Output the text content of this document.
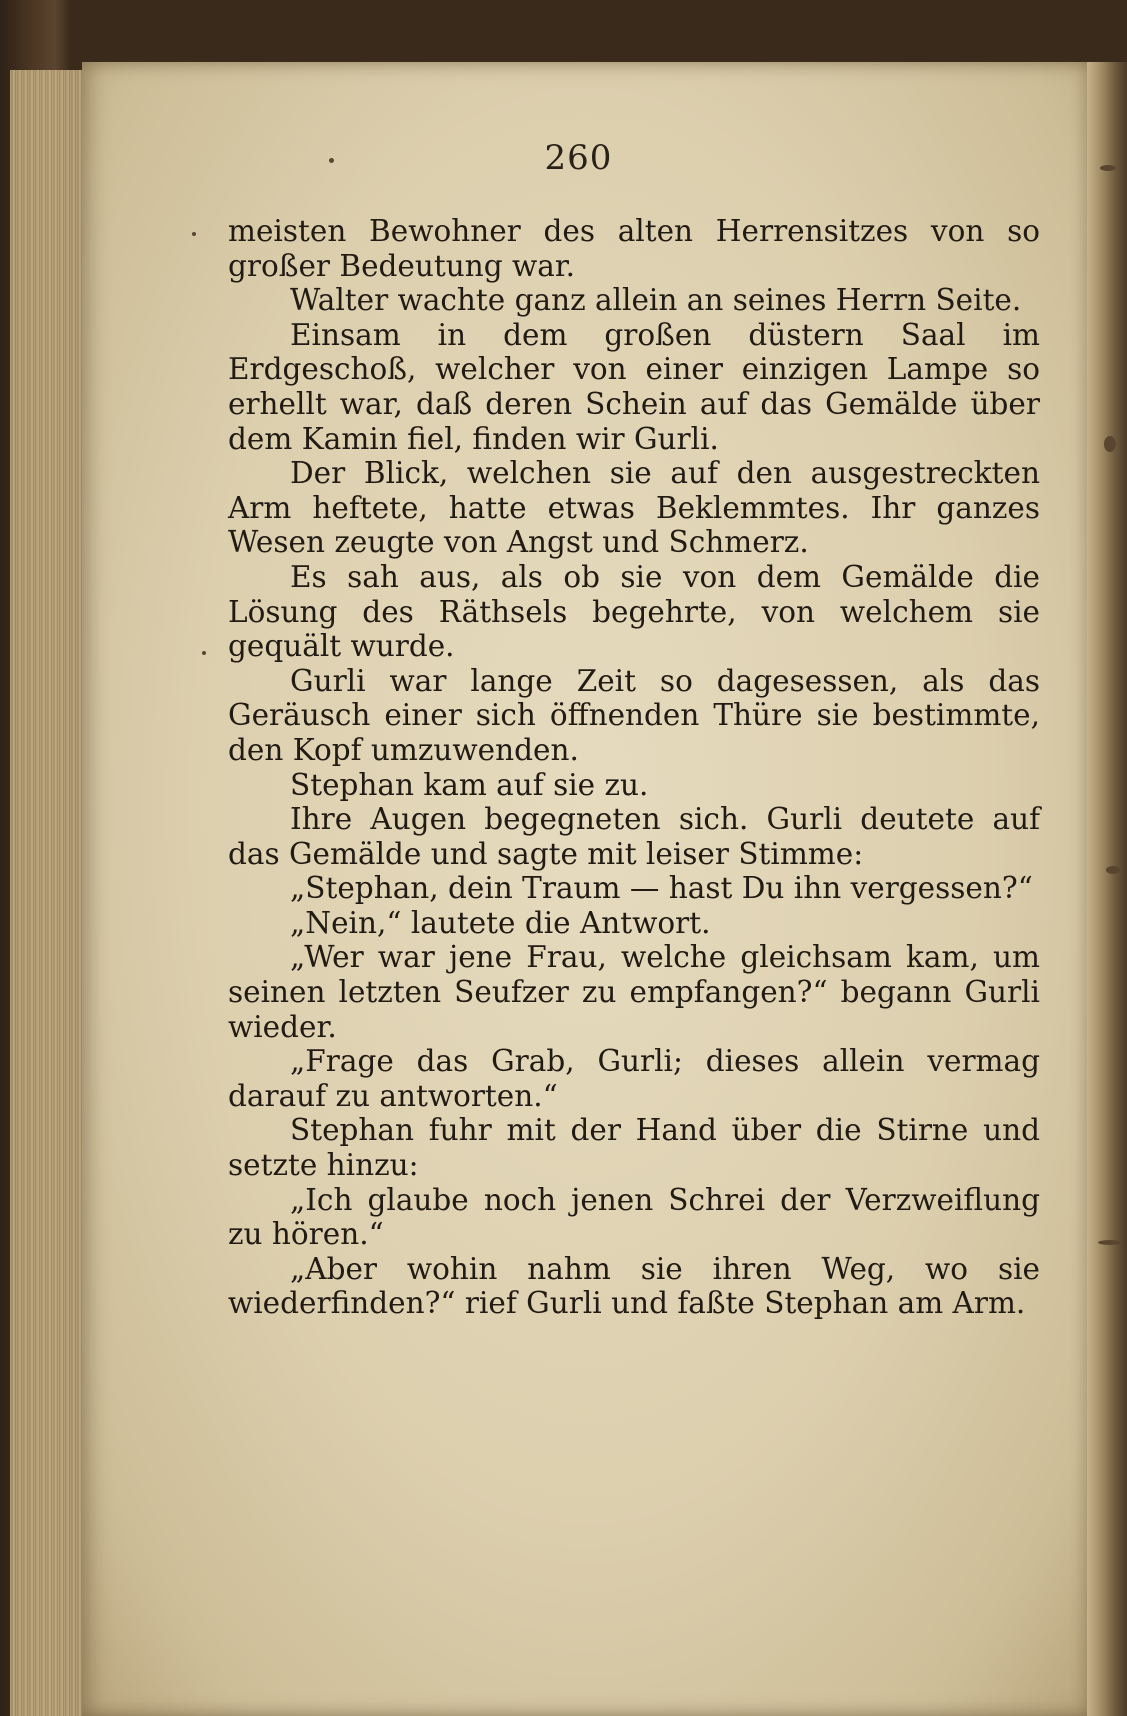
260

meisten Bewohner des alten Herrensitzes von so großer Bedeutung war.

Walter wachte ganz allein an seines Herrn Seite.

Einsam in dem großen düstern Saal im Erdgeschoß, welcher von einer einzigen Lampe so erhellt war, daß deren Schein auf das Gemälde über dem Kamin fiel, finden wir Gurli.

Der Blick, welchen sie auf den ausgestreckten Arm heftete, hatte etwas Beklemmtes. Ihr ganzes Wesen zeugte von Angst und Schmerz.

Es sah aus, als ob sie von dem Gemälde die Lösung des Räthsels begehrte, von welchem sie gequält wurde.

Gurli war lange Zeit so dagesessen, als das Geräusch einer sich öffnenden Thüre sie bestimmte, den Kopf umzuwenden.

Stephan kam auf sie zu.

Ihre Augen begegneten sich. Gurli deutete auf das Gemälde und sagte mit leiser Stimme:

„Stephan, dein Traum — hast Du ihn vergessen?“

„Nein,“ lautete die Antwort.

„Wer war jene Frau, welche gleichsam kam, um seinen letzten Seufzer zu empfangen?“ begann Gurli wieder.

„Frage das Grab, Gurli; dieses allein vermag darauf zu antworten.“

Stephan fuhr mit der Hand über die Stirne und setzte hinzu:

„Ich glaube noch jenen Schrei der Verzweiflung zu hören.“

„Aber wohin nahm sie ihren Weg, wo sie wiederfinden?“ rief Gurli und faßte Stephan am Arm.
